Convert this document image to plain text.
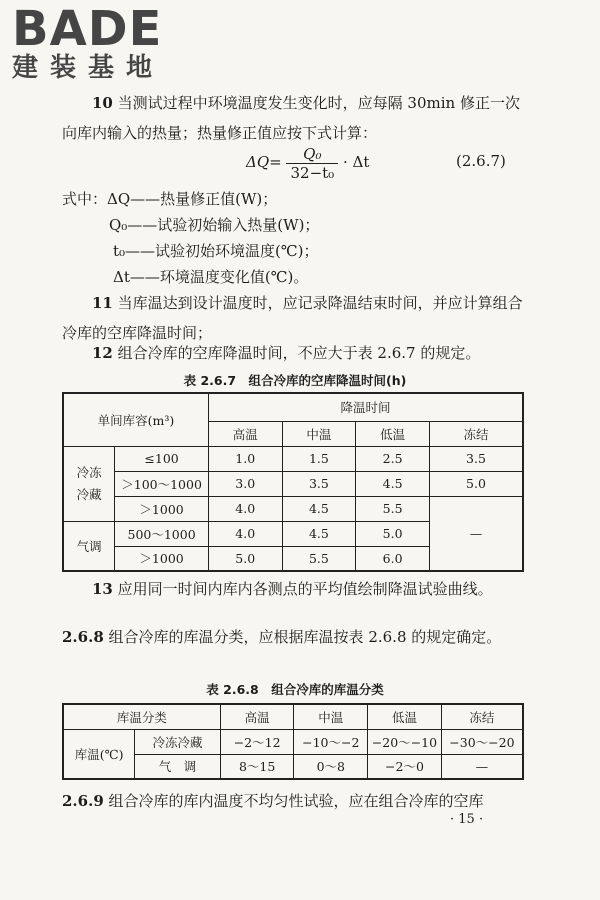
BADE
建装基地

10 当测试过程中环境温度发生变化时，应每隔 30min 修正一次向库内输入的热量；热量修正值应按下式计算：

$\Delta Q= \frac{\text{Q₀}}{\text{32−t₀}} \cdot \Delta t$	(2.6.7)
式中：ΔQ——热量修正值(W)；
Q₀——试验初始输入热量(W)；
t₀——试验初始环境温度(℃)；
Δt——环境温度变化值(℃)。

11 当库温达到设计温度时，应记录降温结束时间，并应计算组合冷库的空库降温时间；

12 组合冷库的空库降温时间，不应大于表 2.6.7 的规定。

表 2.6.7　组合冷库的空库降温时间(h)
单间库容(m³)		降温时间			
		高温	中温	低温	冻结
冷冻
冷藏	≤100	1.0	1.5	2.5	3.5
	＞100～1000	3.0	3.5	4.5	5.0
	＞1000	4.0	4.5	5.5	—
气调	500～1000	4.0	4.5	5.0	
	＞1000	5.0	5.5	6.0	

13 应用同一时间内库内各测点的平均值绘制降温试验曲线。

2.6.8 组合冷库的库温分类，应根据库温按表 2.6.8 的规定确定。

表 2.6.8　组合冷库的库温分类
库温分类		高温	中温	低温	冻结
库温(℃)	冷冻冷藏	−2～12	−10～−2	−20～−10	−30～−20
	气　调	8～15	0～8	−2～0	—

2.6.9 组合冷库的库内温度不均匀性试验，应在组合冷库的空库

· 15 ·
